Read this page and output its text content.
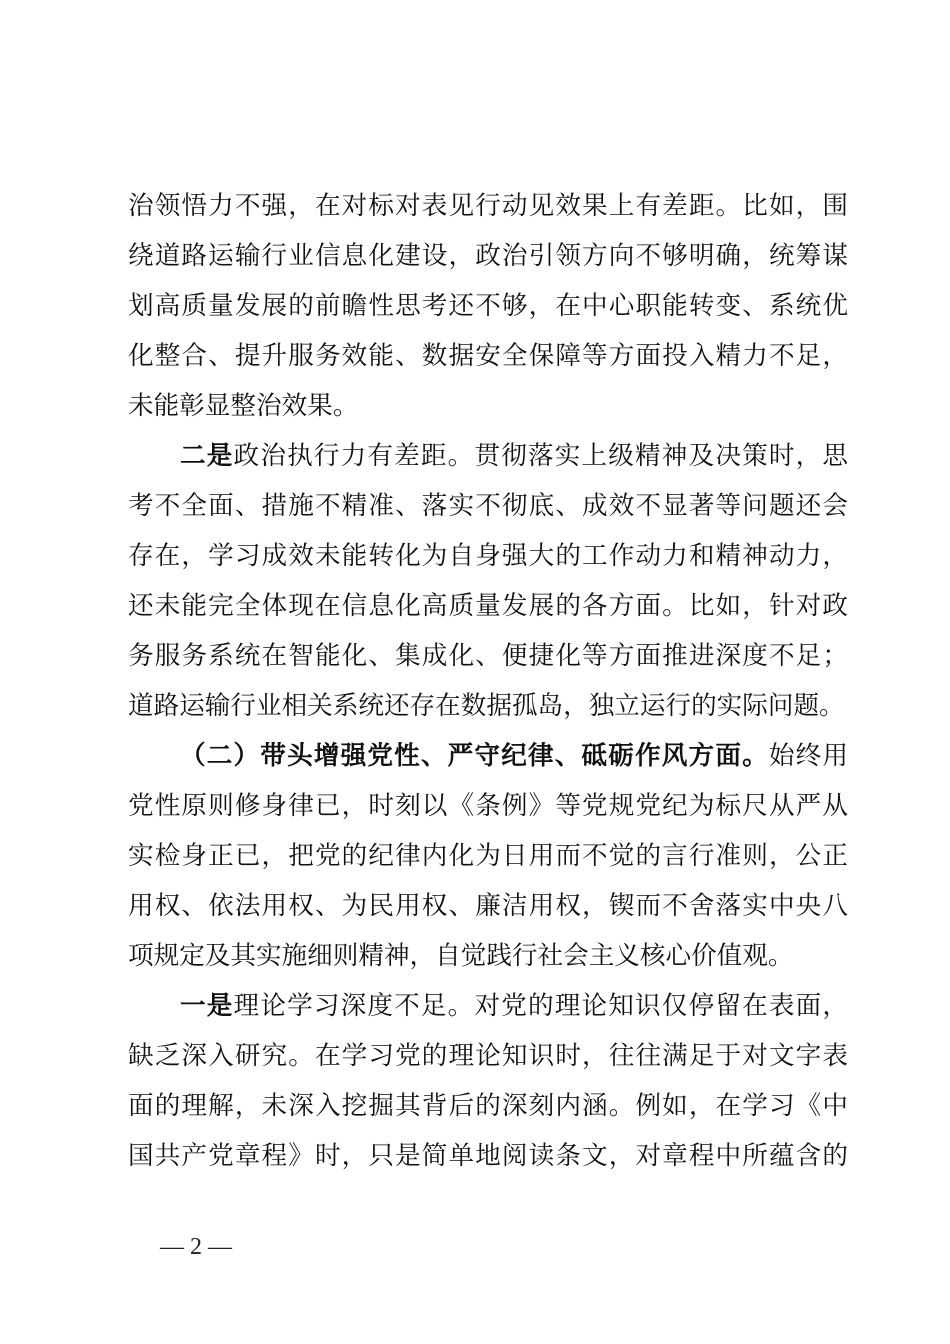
治领悟力不强，在对标对表见行动见效果上有差距。比如，围
绕道路运输行业信息化建设，政治引领方向不够明确，统筹谋
划高质量发展的前瞻性思考还不够，在中心职能转变、系统优
化整合、提升服务效能、数据安全保障等方面投入精力不足，
未能彰显整治效果。
二是政治执行力有差距。贯彻落实上级精神及决策时，思
考不全面、措施不精准、落实不彻底、成效不显著等问题还会
存在，学习成效未能转化为自身强大的工作动力和精神动力，
还未能完全体现在信息化高质量发展的各方面。比如，针对政
务服务系统在智能化、集成化、便捷化等方面推进深度不足；
道路运输行业相关系统还存在数据孤岛，独立运行的实际问题。
（二）带头增强党性、严守纪律、砥砺作风方面。始终用
党性原则修身律已，时刻以《条例》等党规党纪为标尺从严从
实检身正已，把党的纪律内化为日用而不觉的言行准则，公正
用权、依法用权、为民用权、廉洁用权，锲而不舍落实中央八
项规定及其实施细则精神，自觉践行社会主义核心价值观。
一是理论学习深度不足。对党的理论知识仅停留在表面，
缺乏深入研究。在学习党的理论知识时，往往满足于对文字表
面的理解，未深入挖掘其背后的深刻内涵。例如，在学习《中
国共产党章程》时，只是简单地阅读条文，对章程中所蕴含的
— 2 —
